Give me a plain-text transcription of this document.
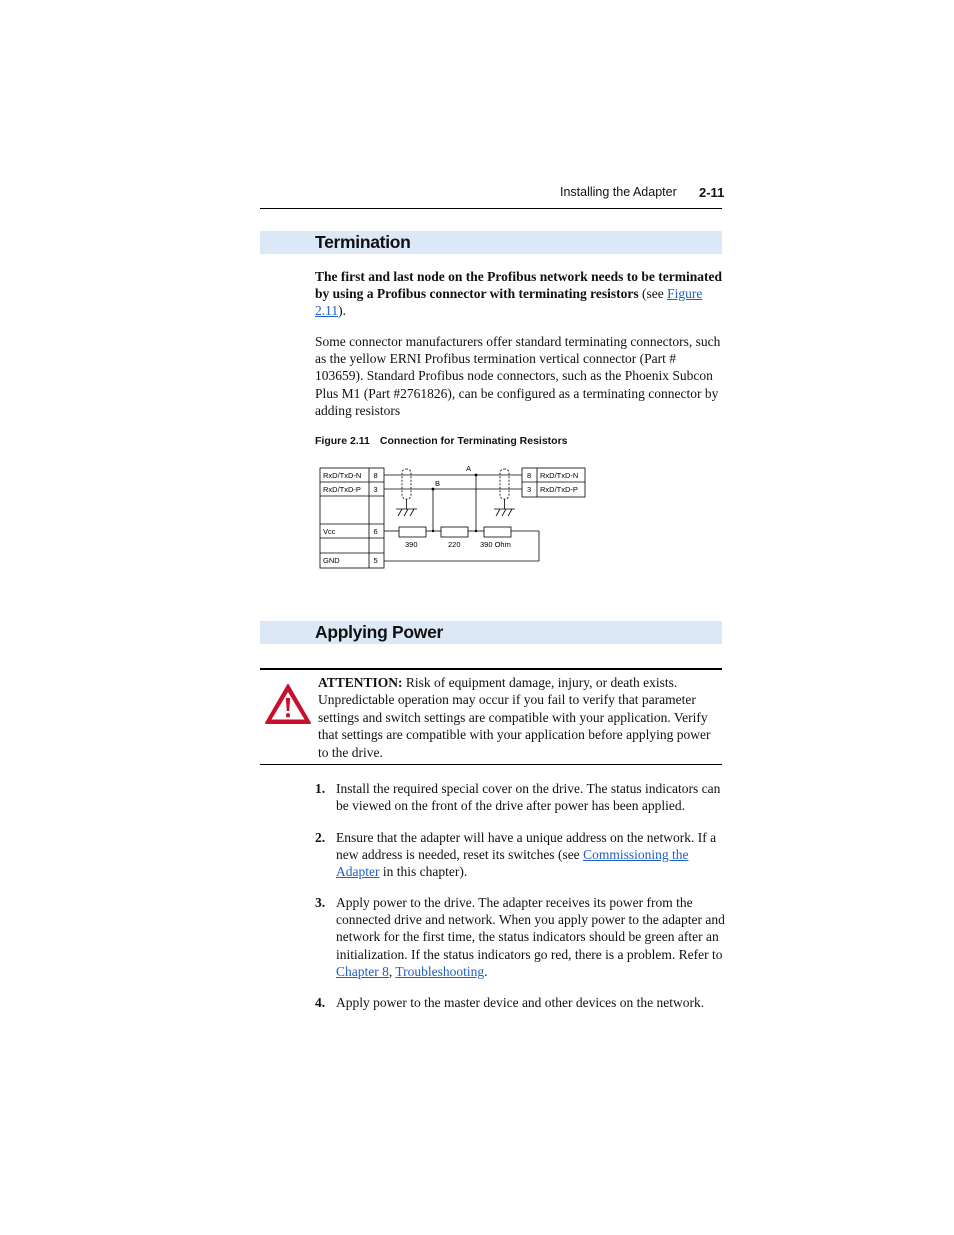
Installing the Adapter 2-11
Termination

The first and last node on the Profibus network needs to be terminated by using a Profibus connector with terminating resistors (see Figure 2.11).

Some connector manufacturers offer standard terminating connectors, such as the yellow ERNI Profibus termination vertical connector (Part # 103659). Standard Profibus node connectors, such as the Phoenix Subcon Plus M1 (Part #2761826), can be configured as a terminating connector by adding resistors

Figure 2.11 Connection for Terminating Resistors
RxD/TxD-N 8
RxD/TxD-P 3
Vcc	6
GND	5
8 RxD/TxD-N
3 RxD/TxD-P
A
B
390	220	390 Ohm
Applying Power
ATTENTION: Risk of equipment damage, injury, or death exists. Unpredictable operation may occur if you fail to verify that parameter settings and switch settings are compatible with your application. Verify that settings are compatible with your application before applying power to the drive.
1. Install the required special cover on the drive. The status indicators can be viewed on the front of the drive after power has been applied.
2. Ensure that the adapter will have a unique address on the network. If a new address is needed, reset its switches (see Commissioning the Adapter in this chapter).
3. Apply power to the drive. The adapter receives its power from the connected drive and network. When you apply power to the adapter and network for the first time, the status indicators should be green after an initialization. If the status indicators go red, there is a problem. Refer to Chapter 8, Troubleshooting.
4. Apply power to the master device and other devices on the network.
